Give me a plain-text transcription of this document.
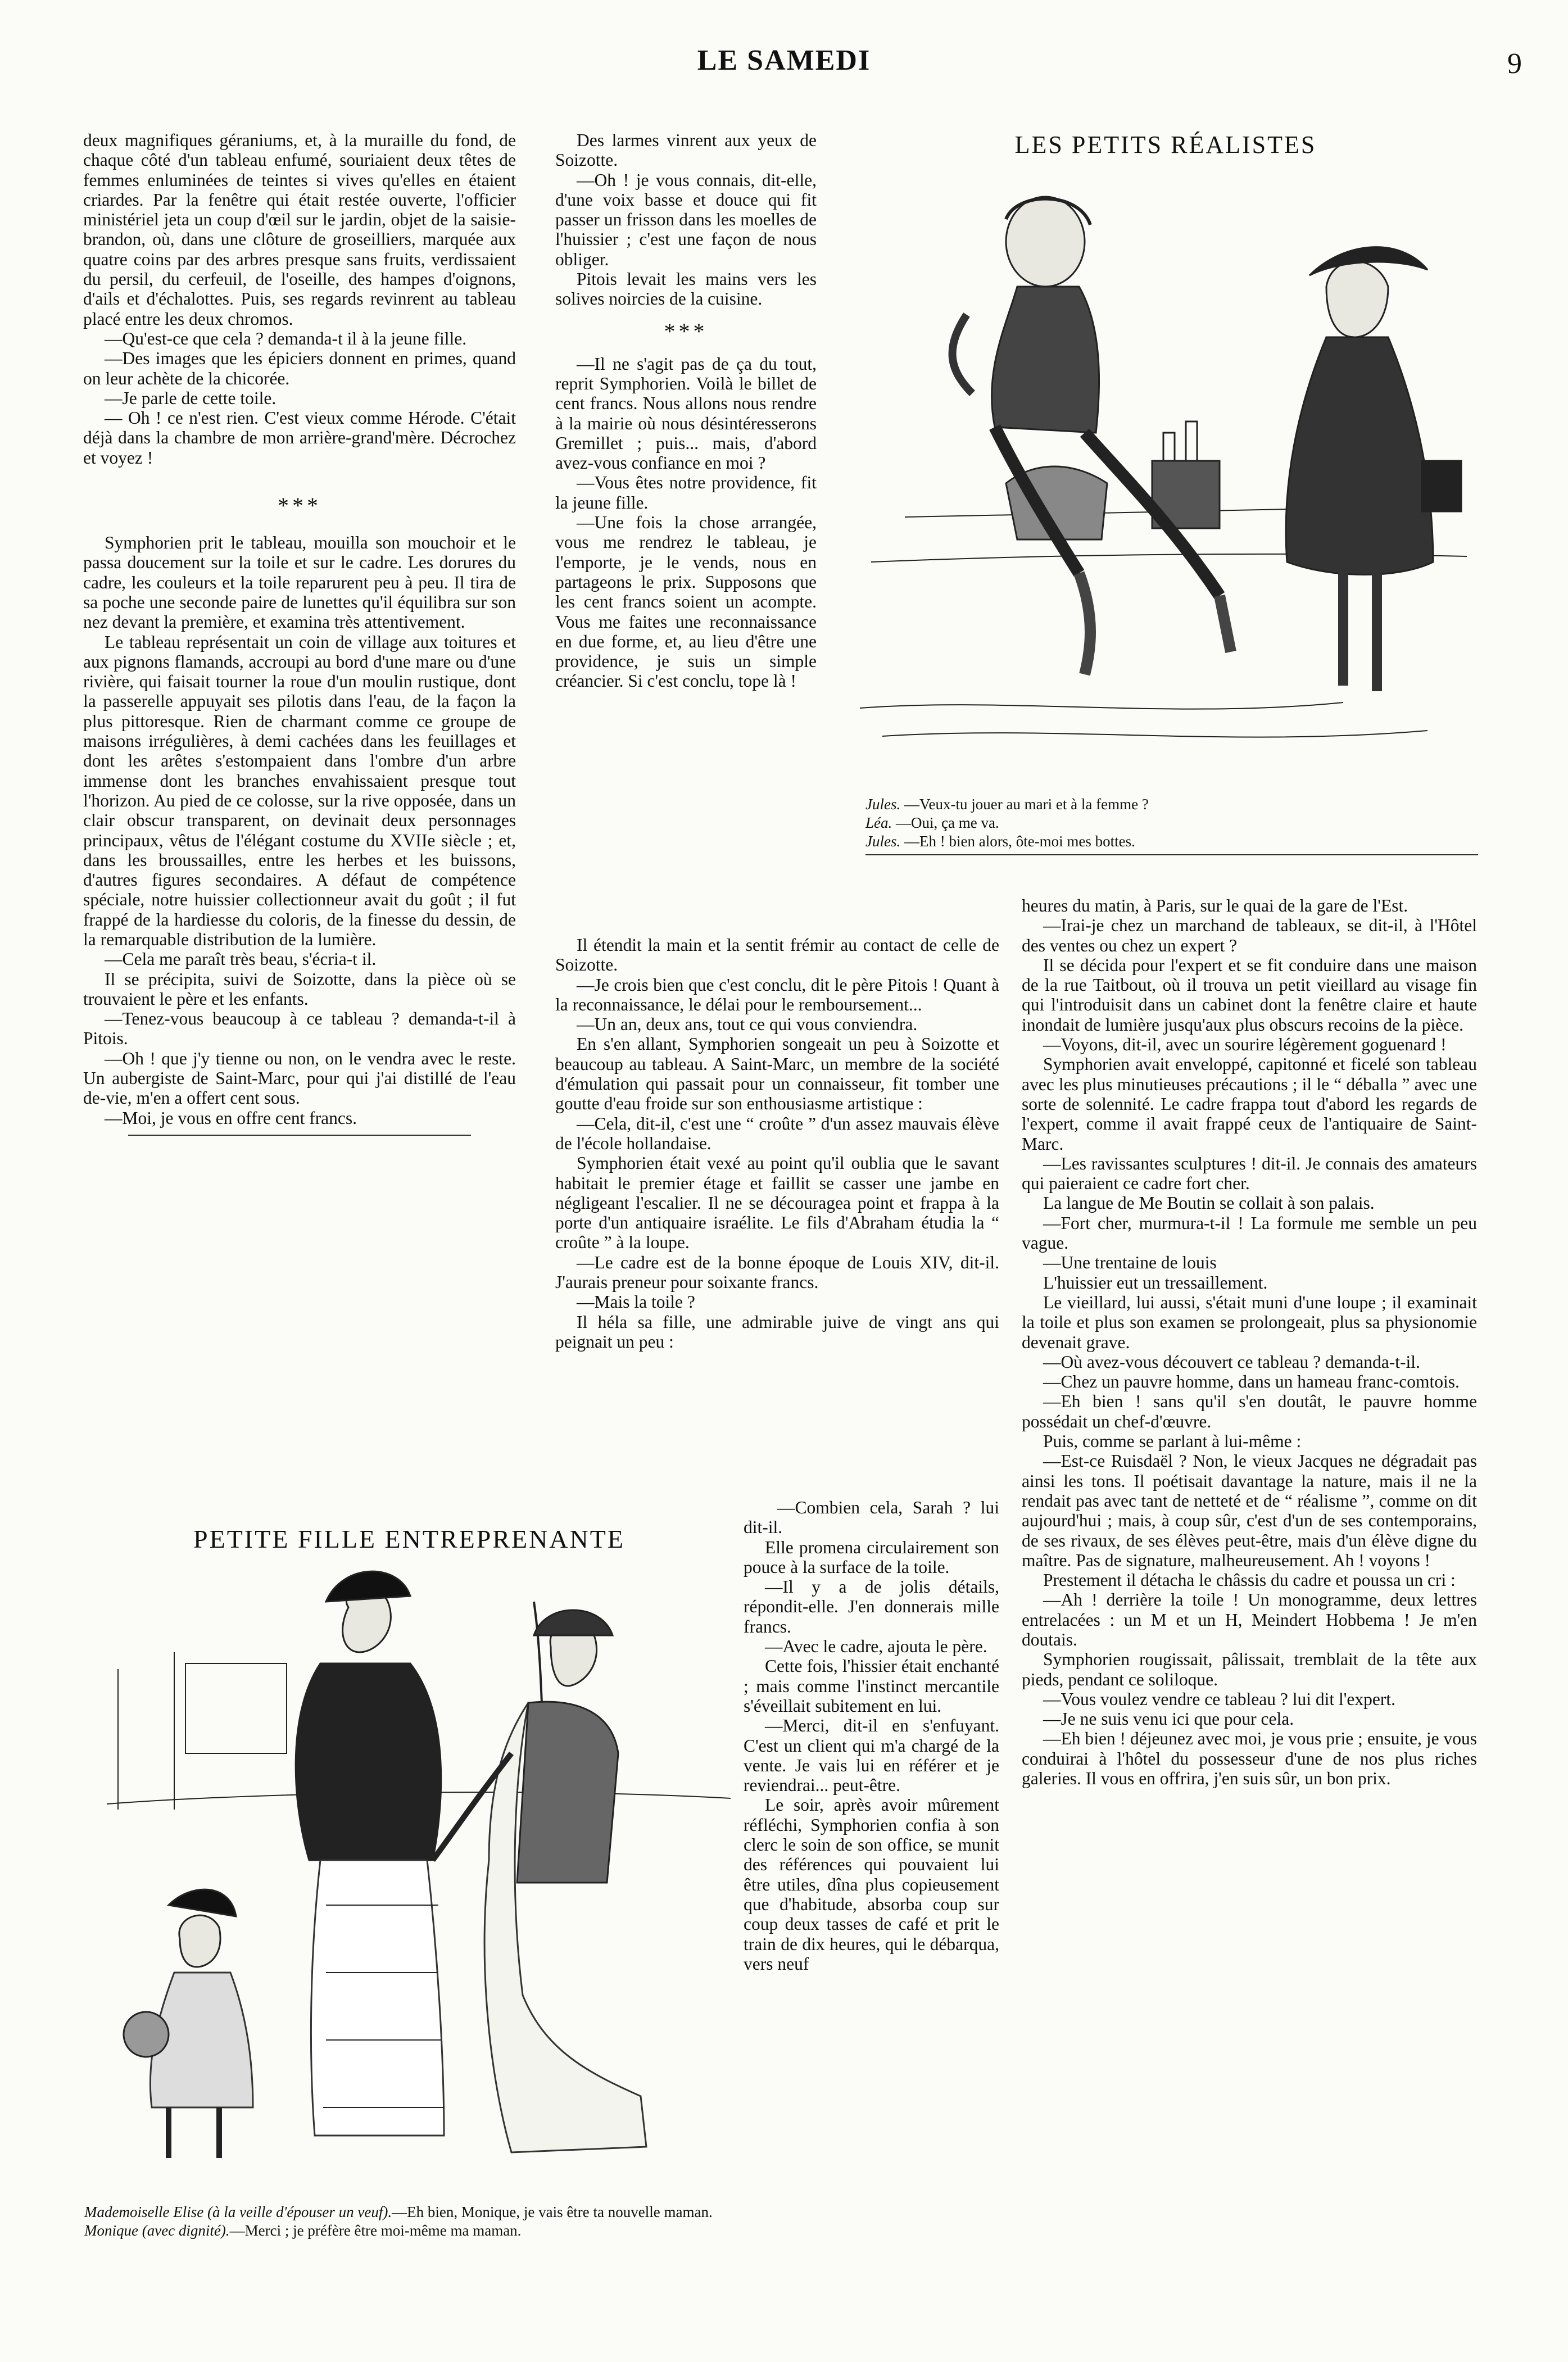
LE SAMEDI	9

deux magnifiques géraniums, et, à la muraille du fond, de chaque côté d'un tableau enfumé, souriaient deux têtes de femmes enluminées de teintes si vives qu'elles en étaient criardes. Par la fenêtre qui était restée ouverte, l'officier ministériel jeta un coup d'œil sur le jardin, objet de la saisie-brandon, où, dans une clôture de groseilliers, marquée aux quatre coins par des arbres presque sans fruits, verdissaient du persil, du cerfeuil, de l'oseille, des hampes d'oignons, d'ails et d'échalottes. Puis, ses regards revinrent au tableau placé entre les deux chromos.

—Qu'est-ce que cela ? demanda-t il à la jeune fille.

—Des images que les épiciers donnent en primes, quand on leur achète de la chicorée.

—Je parle de cette toile.

— Oh ! ce n'est rien. C'est vieux comme Hérode. C'était déjà dans la chambre de mon arrière-grand'mère. Décrochez et voyez !

***

Symphorien prit le tableau, mouilla son mouchoir et le passa doucement sur la toile et sur le cadre. Les dorures du cadre, les couleurs et la toile reparurent peu à peu. Il tira de sa poche une seconde paire de lunettes qu'il équilibra sur son nez devant la première, et examina très attentivement.

Le tableau représentait un coin de village aux toitures et aux pignons flamands, accroupi au bord d'une mare ou d'une rivière, qui faisait tourner la roue d'un moulin rustique, dont la passerelle appuyait ses pilotis dans l'eau, de la façon la plus pittoresque. Rien de charmant comme ce groupe de maisons irrégulières, à demi cachées dans les feuillages et dont les arêtes s'estompaient dans l'ombre d'un arbre immense dont les branches envahissaient presque tout l'horizon. Au pied de ce colosse, sur la rive opposée, dans un clair obscur transparent, on devinait deux personnages principaux, vêtus de l'élégant costume du XVIIe siècle ; et, dans les broussailles, entre les herbes et les buissons, d'autres figures secondaires. A défaut de compétence spéciale, notre huissier collectionneur avait du goût ; il fut frappé de la hardiesse du coloris, de la finesse du dessin, de la remarquable distribution de la lumière.

—Cela me paraît très beau, s'écria-t il.

Il se précipita, suivi de Soizotte, dans la pièce où se trouvaient le père et les enfants.

—Tenez-vous beaucoup à ce tableau ? demanda-t-il à Pitois.

—Oh ! que j'y tienne ou non, on le vendra avec le reste. Un aubergiste de Saint-Marc, pour qui j'ai distillé de l'eau de-vie, m'en a offert cent sous.

—Moi, je vous en offre cent francs.

Des larmes vinrent aux yeux de Soizotte.

—Oh ! je vous connais, dit-elle, d'une voix basse et douce qui fit passer un frisson dans les moelles de l'huissier ; c'est une façon de nous obliger.

Pitois levait les mains vers les solives noircies de la cuisine.

***

—Il ne s'agit pas de ça du tout, reprit Symphorien. Voilà le billet de cent francs. Nous allons nous rendre à la mairie où nous désintéresserons Gremillet ; puis... mais, d'abord avez-vous confiance en moi ?

—Vous êtes notre providence, fit la jeune fille.

—Une fois la chose arrangée, vous me rendrez le tableau, je l'emporte, je le vends, nous en partageons le prix. Supposons que les cent francs soient un acompte. Vous me faites une reconnaissance en due forme, et, au lieu d'être une providence, je suis un simple créancier. Si c'est conclu, tope là !

Il étendit la main et la sentit frémir au contact de celle de Soizotte.

—Je crois bien que c'est conclu, dit le père Pitois ! Quant à la reconnaissance, le délai pour le remboursement...

—Un an, deux ans, tout ce qui vous conviendra.

En s'en allant, Symphorien songeait un peu à Soizotte et beaucoup au tableau. A Saint-Marc, un membre de la société d'émulation qui passait pour un connaisseur, fit tomber une goutte d'eau froide sur son enthousiasme artistique :

—Cela, dit-il, c'est une “ croûte ” d'un assez mauvais élève de l'école hollandaise.

Symphorien était vexé au point qu'il oublia que le savant habitait le premier étage et faillit se casser une jambe en négligeant l'escalier. Il ne se découragea point et frappa à la porte d'un antiquaire israélite. Le fils d'Abraham étudia la “ croûte ” à la loupe.

—Le cadre est de la bonne époque de Louis XIV, dit-il. J'aurais preneur pour soixante francs.

—Mais la toile ?

Il héla sa fille, une admirable juive de vingt ans qui peignait un peu :

—Combien cela, Sarah ? lui dit-il.

Elle promena circulairement son pouce à la surface de la toile.

—Il y a de jolis détails, répondit-elle. J'en donnerais mille francs.

—Avec le cadre, ajouta le père.

Cette fois, l'hissier était enchanté ; mais comme l'instinct mercantile s'éveillait subitement en lui.

—Merci, dit-il en s'enfuyant. C'est un client qui m'a chargé de la vente. Je vais lui en référer et je reviendrai... peut-être.

Le soir, après avoir mûrement réfléchi, Symphorien confia à son clerc le soin de son office, se munit des références qui pouvaient lui être utiles, dîna plus copieusement que d'habitude, absorba coup sur coup deux tasses de café et prit le train de dix heures, qui le débarqua, vers neuf

heures du matin, à Paris, sur le quai de la gare de l'Est.

—Irai-je chez un marchand de tableaux, se dit-il, à l'Hôtel des ventes ou chez un expert ?

Il se décida pour l'expert et se fit conduire dans une maison de la rue Taitbout, où il trouva un petit vieillard au visage fin qui l'introduisit dans un cabinet dont la fenêtre claire et haute inondait de lumière jusqu'aux plus obscurs recoins de la pièce.

—Voyons, dit-il, avec un sourire légèrement goguenard !

Symphorien avait enveloppé, capitonné et ficelé son tableau avec les plus minutieuses précautions ; il le “ déballa ” avec une sorte de solennité. Le cadre frappa tout d'abord les regards de l'expert, comme il avait frappé ceux de l'antiquaire de Saint-Marc.

—Les ravissantes sculptures ! dit-il. Je connais des amateurs qui paieraient ce cadre fort cher.

La langue de Me Boutin se collait à son palais.

—Fort cher, murmura-t-il ! La formule me semble un peu vague.

—Une trentaine de louis

L'huissier eut un tressaillement.

Le vieillard, lui aussi, s'était muni d'une loupe ; il examinait la toile et plus son examen se prolongeait, plus sa physionomie devenait grave.

—Où avez-vous découvert ce tableau ? demanda-t-il.

—Chez un pauvre homme, dans un hameau franc-comtois.

—Eh bien ! sans qu'il s'en doutât, le pauvre homme possédait un chef-d'œuvre.

Puis, comme se parlant à lui-même :

—Est-ce Ruisdaël ? Non, le vieux Jacques ne dégradait pas ainsi les tons. Il poétisait davantage la nature, mais il ne la rendait pas avec tant de netteté et de “ réalisme ”, comme on dit aujourd'hui ; mais, à coup sûr, c'est d'un de ses contemporains, de ses rivaux, de ses élèves peut-être, mais d'un élève digne du maître. Pas de signature, malheureusement. Ah ! voyons !

Prestement il détacha le châssis du cadre et poussa un cri :

—Ah ! derrière la toile ! Un monogramme, deux lettres entrelacées : un M et un H, Meindert Hobbema ! Je m'en doutais.

Symphorien rougissait, pâlissait, tremblait de la tête aux pieds, pendant ce soliloque.

—Vous voulez vendre ce tableau ? lui dit l'expert.

—Je ne suis venu ici que pour cela.

—Eh bien ! déjeunez avec moi, je vous prie ; ensuite, je vous conduirai à l'hôtel du possesseur d'une de nos plus riches galeries. Il vous en offrira, j'en suis sûr, un bon prix.

LES PETITS RÉALISTES

Jules. —Veux-tu jouer au mari et à la femme ?

Léa. —Oui, ça me va.

Jules. —Eh ! bien alors, ôte-moi mes bottes.

PETITE FILLE ENTREPRENANTE

Mademoiselle Elise (à la veille d'épouser un veuf).—Eh bien, Monique, je vais être ta nouvelle maman.

Monique (avec dignité).—Merci ; je préfère être moi-même ma maman.
